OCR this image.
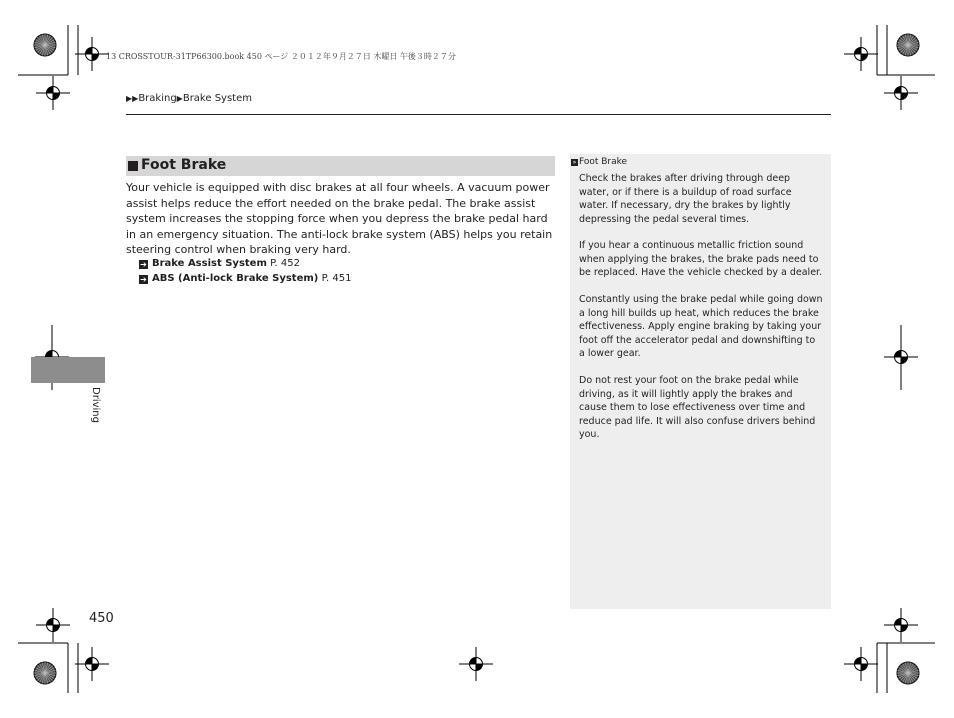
13 CROSSTOUR-31TP66300.book 450 ページ ２０１２年９月２７日 木曜日 午後３時２７分
▶▶Braking▶Brake System
Foot Brake

Your vehicle is equipped with disc brakes at all four wheels. A vacuum power assist helps reduce the effort needed on the brake pedal. The brake assist system increases the stopping force when you depress the brake pedal hard in an emergency situation. The anti-lock brake system (ABS) helps you retain steering control when braking very hard.

➔ Brake Assist System P. 452
➔ ABS (Anti-lock Brake System) P. 451
» Foot Brake

Check the brakes after driving through deep water, or if there is a buildup of road surface water. If necessary, dry the brakes by lightly depressing the pedal several times.

If you hear a continuous metallic friction sound when applying the brakes, the brake pads need to be replaced. Have the vehicle checked by a dealer.

Constantly using the brake pedal while going down a long hill builds up heat, which reduces the brake effectiveness. Apply engine braking by taking your foot off the accelerator pedal and downshifting to a lower gear.

Do not rest your foot on the brake pedal while driving, as it will lightly apply the brakes and cause them to lose effectiveness over time and reduce pad life. It will also confuse drivers behind you.

Driving
450
